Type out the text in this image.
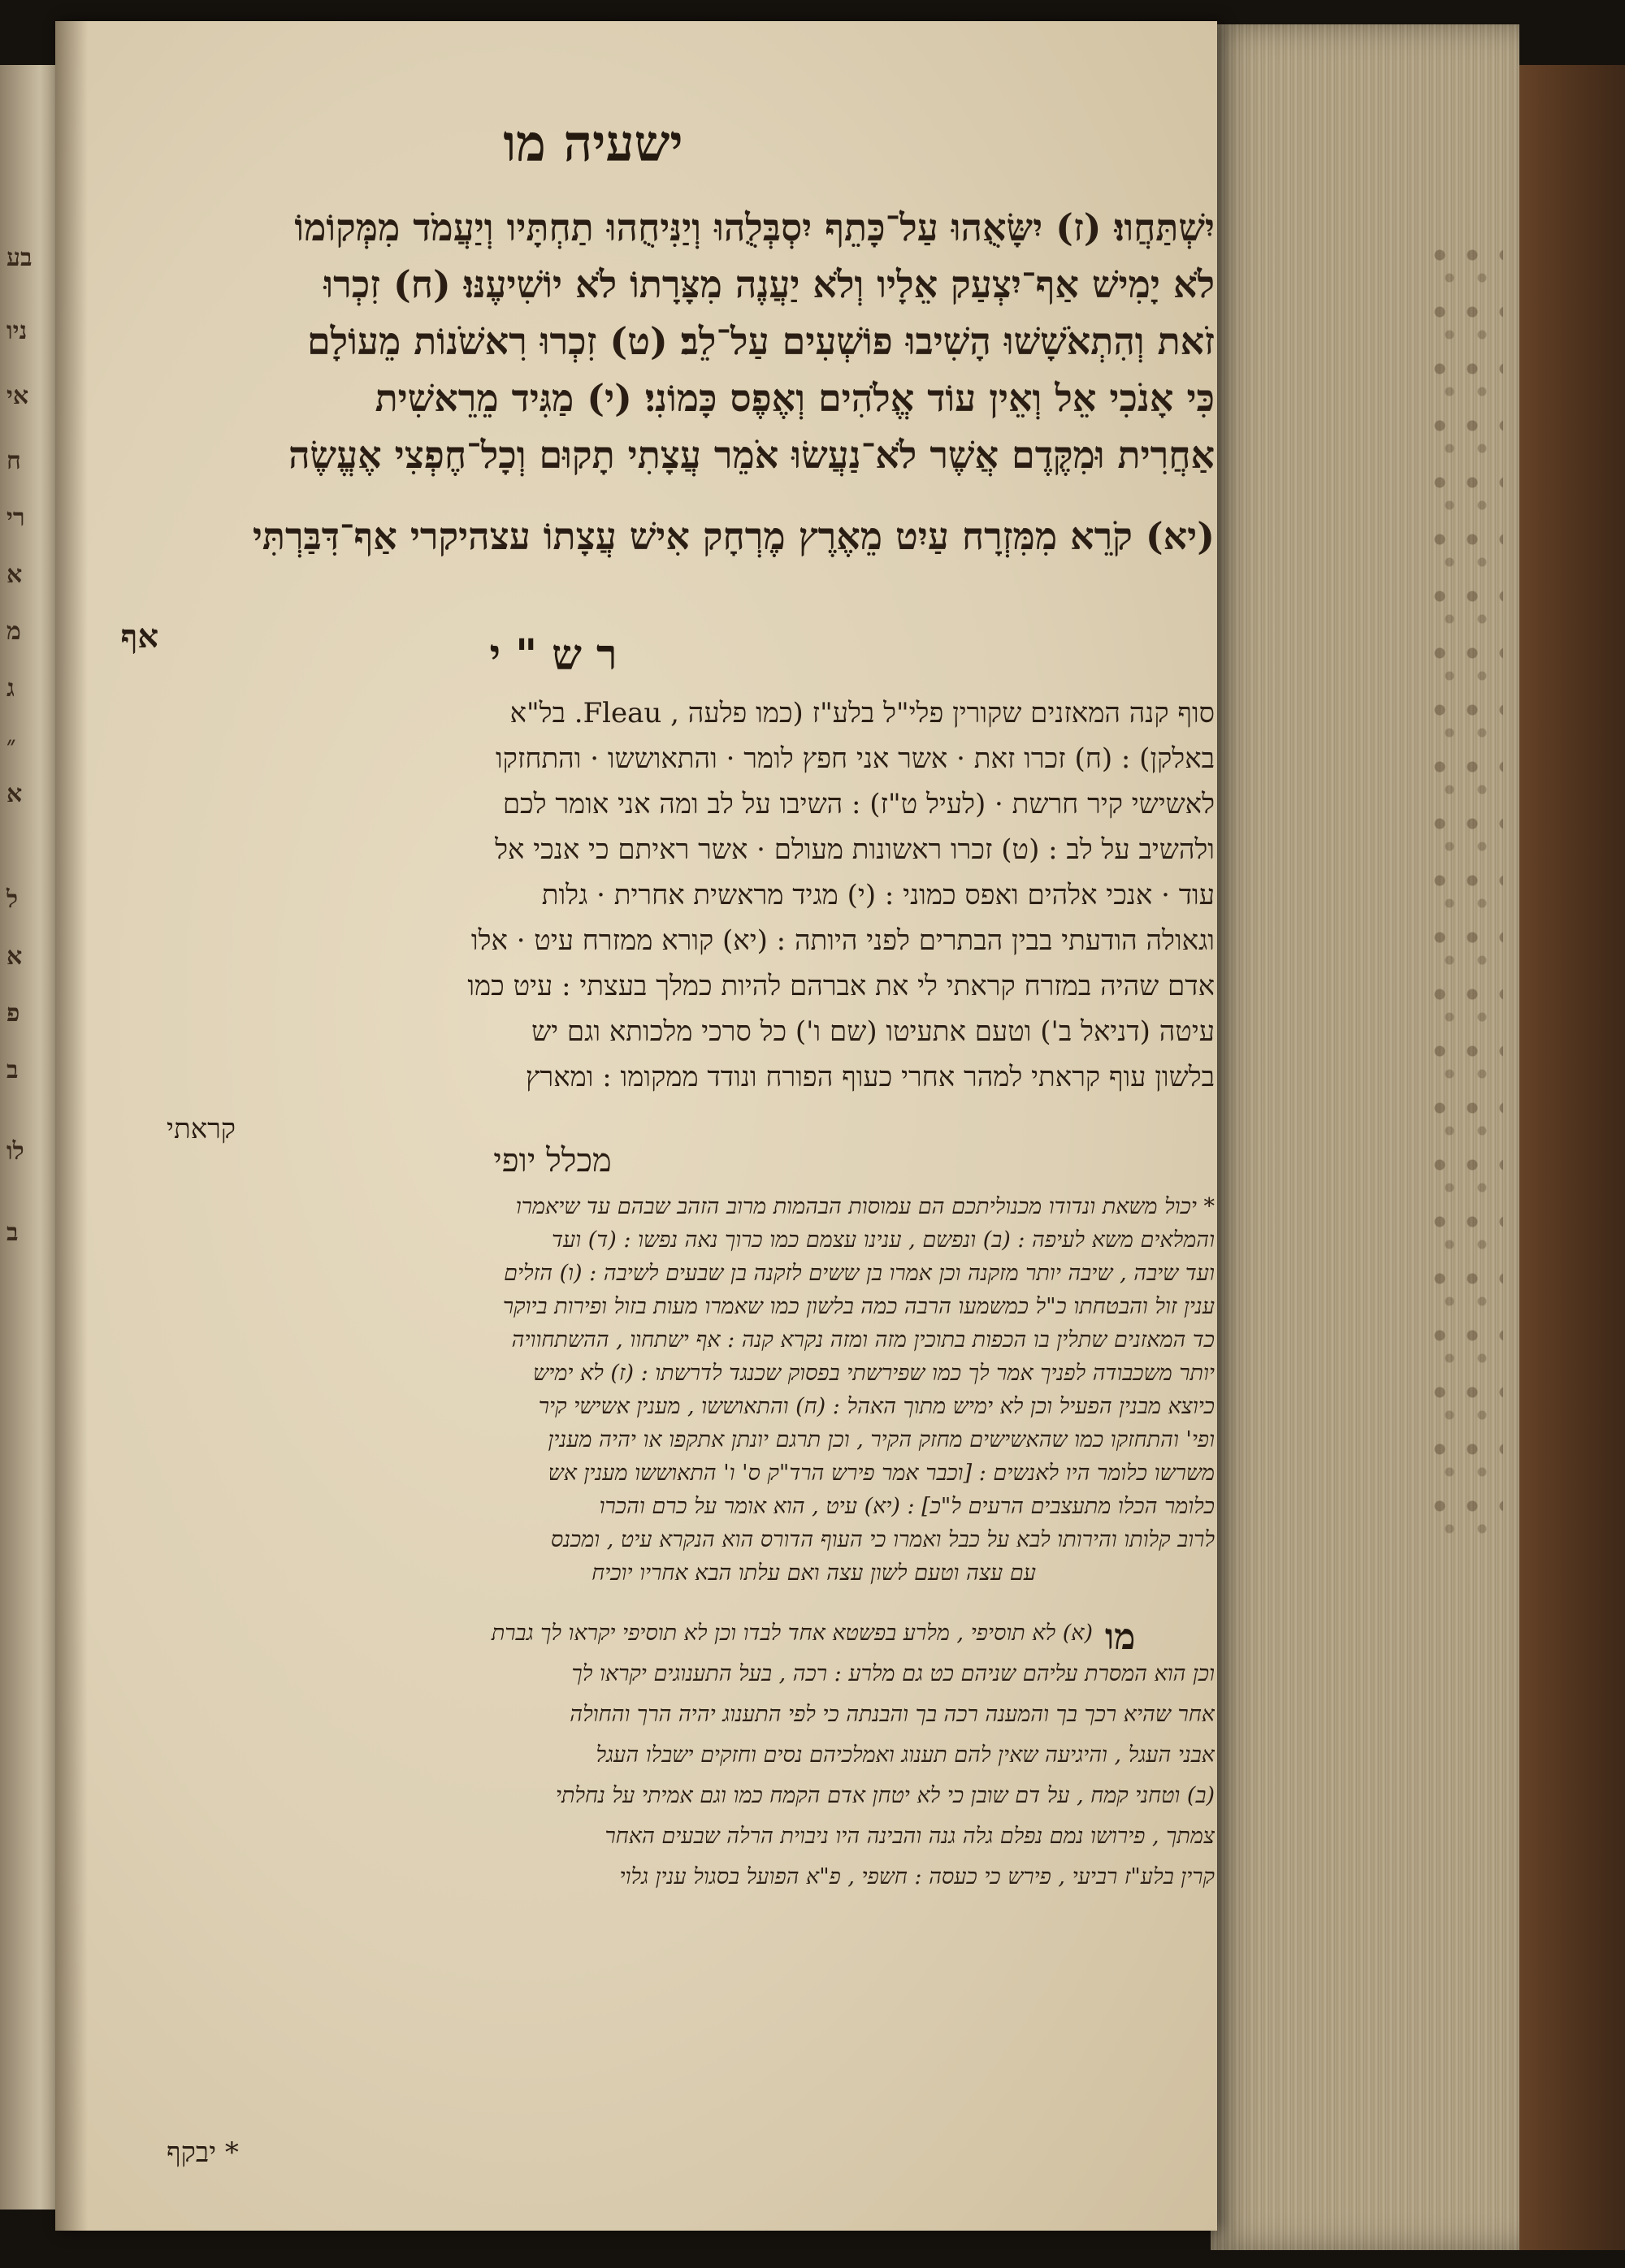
בע
ניו
אי
ח
רי
א
מ
ג
״
א
ל
א
פ
ב
לו
ב
ישעיה מו
יִשְׁתַּחֲווּ׃ (ז) יִשָּׂאֻהוּ עַל־כָּתֵף יִסְבְּלֻהוּ וְיַנִּיחֻהוּ תַחְתָּיו וְיַעֲמֹד מִמְּקוֹמוֹ
לֹא יָמִישׁ אַף־יִצְעַק אֵלָיו וְלֹא יַעֲנֶה מִצָּרָתוֹ לֹא יוֹשִׁיעֶנּוּ׃ (ח) זִכְרוּ
זֹאת וְהִתְאֹשָׁשׁוּ הָשִׁיבוּ פוֹשְׁעִים עַל־לֵב׃ (ט) זִכְרוּ רִאשֹׁנוֹת מֵעוֹלָם
כִּי אָנֹכִי אֵל וְאֵין עוֹד אֱלֹהִים וְאֶפֶס כָּמוֹנִי׃ (י) מַגִּיד מֵרֵאשִׁית
אַחֲרִית וּמִקֶּדֶם אֲשֶׁר לֹא־נַעֲשׂוּ אֹמֵר עֲצָתִי תָקוּם וְכָל־חֶפְצִי אֶעֱשֶׂה
(יא) קֹרֵא מִמִּזְרָח עַיִט מֵאֶרֶץ מֶרְחָק אִישׁ עֲצָתוֹ עצהיקרי אַף־דִּבַּרְתִּי
אף	רש"י
סוף קנה המאזנים שקורין פלי"ל בלע"ז (כמו פלעה , Fleau. בל"א
באלקן) : (ח) זכרו זאת · אשר אני חפץ לומר · והתאוששו · והתחזקו
לאשישי קיר חרשת · (לעיל ט"ז) : השיבו על לב ומה אני אומר לכם
ולהשיב על לב : (ט) זכרו ראשונות מעולם · אשר ראיתם כי אנכי אל
עוד · אנכי אלהים ואפס כמוני : (י) מגיד מראשית אחרית · גלות
וגאולה הודעתי בבין הבתרים לפני היותה : (יא) קורא ממזרח עיט · אלו
אדם שהיה במזרח קראתי לי את אברהם להיות כמלך בעצתי : עיט כמו
עיטה (דניאל ב') וטעם אתעיטו (שם ו') כל סרכי מלכותא וגם יש
בלשון עוף קראתי למהר אחרי כעוף הפורח ונודד ממקומו : ומארץ
קראתי
מכלל יופי
* יכול משאת ונדודו מכנוליתכם הם עמוסות הבהמות מרוב הזהב שבהם עד שיאמרו
והמלאים משא לעיפה : (ב) ונפשם , ענינו עצמם כמו כרוך נאה נפשו : (ד) ועד
ועד שיבה , שיבה יותר מזקנה וכן אמרו בן ששים לזקנה בן שבעים לשיבה : (ו) הזלים
ענין זול והבטחתו כ"ל כמשמעו הרבה כמה בלשון כמו שאמרו מעות בזול ופירות ביוקר
כד המאזנים שתלין בו הכפות בתוכין מזה ומזה נקרא קנה : אף ישתחוו , ההשתחוויה
יותר משכבודה לפניך אמר לך כמו שפירשתי בפסוק שכנגד לדרשתו : (ז) לא ימיש
כיוצא מבנין הפעיל וכן לא ימיש מתוך האהל : (ח) והתאוששו , מענין אשישי קיר
ופי' והתחזקו כמו שהאשישים מחזק הקיר , וכן תרגם יונתן אתקפו או יהיה מענין
משרשו כלומר היו לאנשים : [וכבר אמר פירש הרד"ק ס' ו' התאוששו מענין אש
כלומר הכלו מתעצבים הרעים ל"כ] : (יא) עיט , הוא אומר על כרם והכרו
לרוב קלותו והירותו לבא על כבל ואמרו כי העוף הדורס הוא הנקרא עיט , ומכנס
עם עצה וטעם לשון עצה ואם עלתו הבא אחריו יוכיח
מו
(א) לא תוסיפי , מלרע בפשטא אחד לבדו וכן לא תוסיפי יקראו לך גברת
וכן הוא המסרת עליהם שניהם כט גם מלרע : רכה , בעל התענוגים יקראו לך
אחר שהיא רכך בך והמענה רכה בך והבנתה כי לפי התענוג יהיה הרך והחולה
אבני העגל , והיגיעה שאין להם תענוג ואמלכיהם נסים וחזקים ישבלו העגל
(ב) וטחני קמח , על דם שובן כי לא יטחן אדם הקמח כמו וגם אמיתי על נחלתי
צמתך , פירושו נמם נפלם גלה גנה והבינה היו ניבוית הרלה שבעים האחר
קרין בלע"ז רביעי , פירש כי כעסה : חשפי , פ"א הפועל בסגול ענין גלוי
* יבקף
